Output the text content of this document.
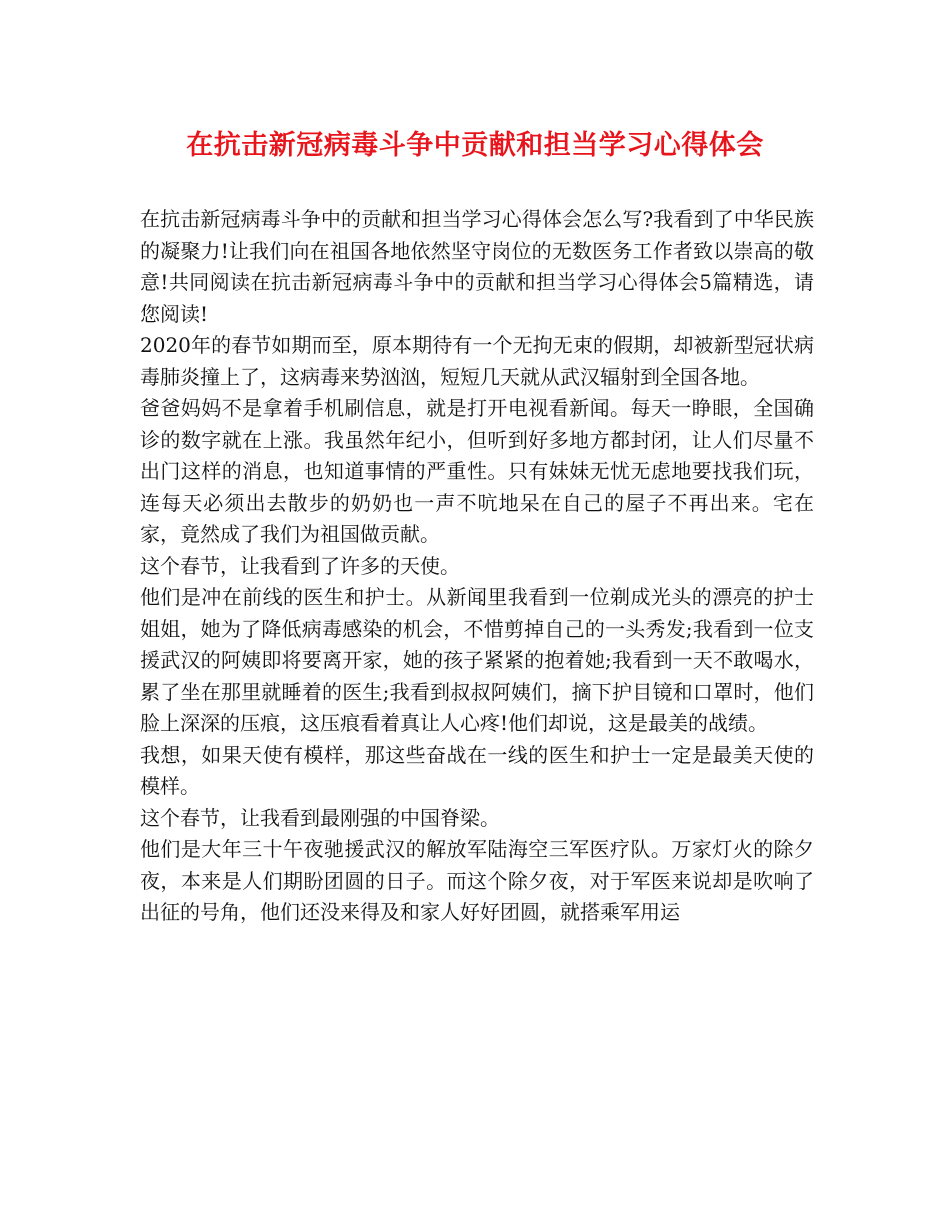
在抗击新冠病毒斗争中贡献和担当学习心得体会

在抗击新冠病毒斗争中的贡献和担当学习心得体会怎么写?我看到了中华民族的凝聚力!让我们向在祖国各地依然坚守岗位的无数医务工作者致以崇高的敬意!共同阅读在抗击新冠病毒斗争中的贡献和担当学习心得体会5篇精选，请您阅读!

2020年的春节如期而至，原本期待有一个无拘无束的假期，却被新型冠状病毒肺炎撞上了，这病毒来势汹汹，短短几天就从武汉辐射到全国各地。

爸爸妈妈不是拿着手机刷信息，就是打开电视看新闻。每天一睁眼，全国确诊的数字就在上涨。我虽然年纪小，但听到好多地方都封闭，让人们尽量不出门这样的消息，也知道事情的严重性。只有妹妹无忧无虑地要找我们玩，连每天必须出去散步的奶奶也一声不吭地呆在自己的屋子不再出来。宅在家，竟然成了我们为祖国做贡献。

这个春节，让我看到了许多的天使。

他们是冲在前线的医生和护士。从新闻里我看到一位剃成光头的漂亮的护士姐姐，她为了降低病毒感染的机会，不惜剪掉自己的一头秀发;我看到一位支援武汉的阿姨即将要离开家，她的孩子紧紧的抱着她;我看到一天不敢喝水，累了坐在那里就睡着的医生;我看到叔叔阿姨们，摘下护目镜和口罩时，他们脸上深深的压痕，这压痕看着真让人心疼!他们却说，这是最美的战绩。

我想，如果天使有模样，那这些奋战在一线的医生和护士一定是最美天使的模样。

这个春节，让我看到最刚强的中国脊梁。

他们是大年三十午夜驰援武汉的解放军陆海空三军医疗队。万家灯火的除夕夜，本来是人们期盼团圆的日子。而这个除夕夜，对于军医来说却是吹响了出征的号角，他们还没来得及和家人好好团圆，就搭乘军用运
